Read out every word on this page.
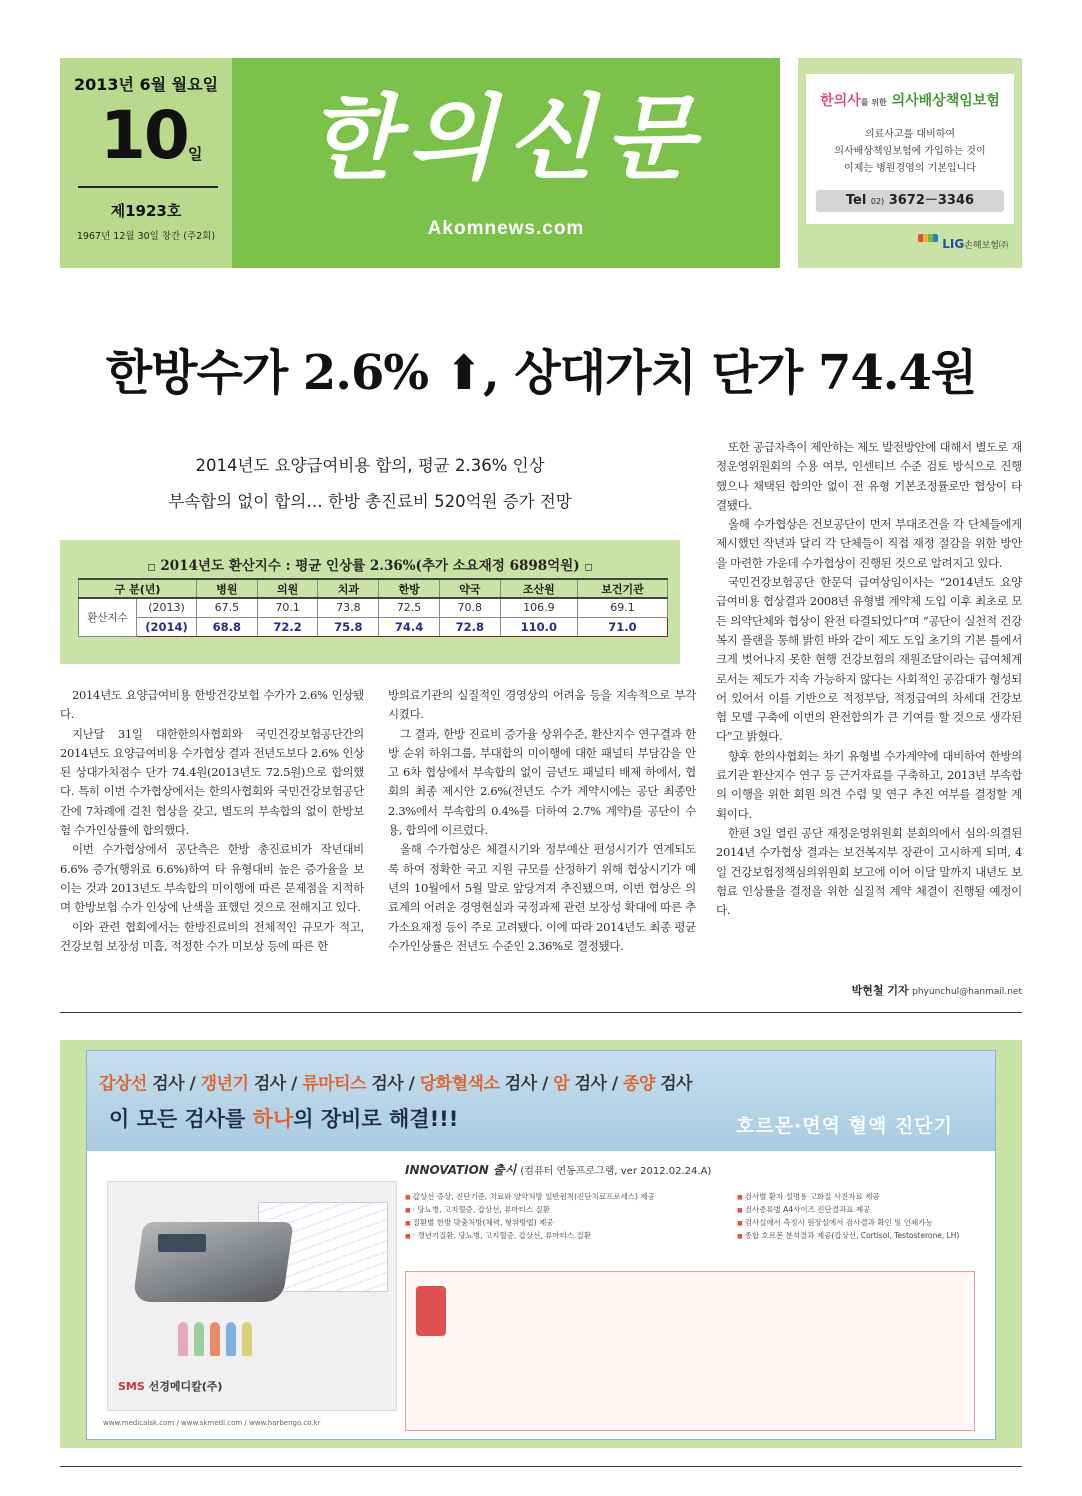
2013년 6월 월요일
10 일
제1923호
1967년 12월 30일 창간 (주2회)
한의신문
Akomnews.com
한의사를 위한 의사배상책임보험
의료사고를 대비하여
의사배상책임보험에 가입하는 것이
이제는 병원경영의 기본입니다
Tel 02) 3672－3346
LIG손해보험㈜
한방수가 2.6% ⬆, 상대가치 단가 74.4원
2014년도 요양급여비용 합의, 평균 2.36% 인상
부속합의 없이 합의… 한방 총진료비 520억원 증가 전망
◻ 2014년도 환산지수 : 평균 인상률 2.36%(추가 소요재정 6898억원) ◻
구 분(년)		병원	의원	치과	한방	약국	조산원	보건기관
환산지수	(2013)	67.5	70.1	73.8	72.5	70.8	106.9	69.1
	(2014)	68.8	72.2	75.8	74.4	72.8	110.0	71.0

2014년도 요양급여비용 한방건강보험 수가가 2.6% 인상됐다.

지난달 31일 대한한의사협회와 국민건강보험공단간의 2014년도 요양급여비용 수가협상 결과 전년도보다 2.6% 인상된 상대가치점수 단가 74.4원(2013년도 72.5원)으로 합의했다. 특히 이번 수가협상에서는 한의사협회와 국민건강보험공단간에 7차례에 걸친 협상을 갖고, 별도의 부속합의 없이 한방보험 수가인상률에 합의했다.

이번 수가협상에서 공단측은 한방 총진료비가 작년대비 6.6% 증가(행위료 6.6%)하여 타 유형대비 높은 증가율을 보이는 것과 2013년도 부속합의 미이행에 따른 문제점을 지적하며 한방보험 수가 인상에 난색을 표했던 것으로 전해지고 있다.

이와 관련 협회에서는 한방진료비의 전체적인 규모가 적고, 건강보험 보장성 미흡, 적정한 수가 미보상 등에 따른 한

방의료기관의 실질적인 경영상의 어려움 등을 지속적으로 부각시켰다.

그 결과, 한방 진료비 증가율 상위수준, 환산지수 연구결과 한방 순위 하위그룹, 부대합의 미이행에 대한 패널티 부담감을 안고 6차 협상에서 부속합의 없이 금년도 패널티 배제 하에서, 협회의 최종 제시안 2.6%(전년도 수가 계약시에는 공단 최종안 2.3%에서 부속합의 0.4%를 더하여 2.7% 계약)를 공단이 수용, 합의에 이르렀다.

올해 수가협상은 체결시기와 정부예산 편성시기가 연계되도록 하여 정확한 국고 지원 규모를 산정하기 위해 협상시기가 예년의 10월에서 5월 말로 앞당겨져 추진됐으며, 이번 협상은 의료계의 어려운 경영현실과 국정과제 관련 보장성 확대에 따른 추가소요재정 등이 주로 고려됐다. 이에 따라 2014년도 최종 평균 수가인상률은 전년도 수준인 2.36%로 결정됐다.

또한 공급자측이 제안하는 제도 발전방안에 대해서 별도로 재정운영위원회의 수용 여부, 인센티브 수준 검토 방식으로 진행했으나 채택된 합의안 없이 전 유형 기본조정률로만 협상이 타결됐다.

올해 수가협상은 건보공단이 먼저 부대조건을 각 단체들에게 제시했던 작년과 달리 각 단체들이 직접 재정 절감을 위한 방안을 마련한 가운데 수가협상이 진행된 것으로 알려지고 있다.

국민건강보험공단 한문덕 급여상임이사는 “2014년도 요양급여비용 협상결과 2008년 유형별 계약제 도입 이후 최초로 모든 의약단체와 협상이 완전 타결되었다”며 “공단이 실천적 건강복지 플랜을 통해 밝힌 바와 같이 제도 도입 초기의 기본 틀에서 크게 벗어나지 못한 현행 건강보험의 재원조달이라는 급여체계로서는 제도가 지속 가능하지 않다는 사회적인 공감대가 형성되어 있어서 이를 기반으로 적정부담, 적정급여의 차세대 건강보험 모델 구축에 이번의 완전합의가 큰 기여를 할 것으로 생각된다”고 밝혔다.

향후 한의사협회는 차기 유형별 수가계약에 대비하여 한방의료기관 환산지수 연구 등 근거자료를 구축하고, 2013년 부속합의 이행을 위한 회원 의견 수렴 및 연구 추진 여부를 결정할 계획이다.

한편 3일 열린 공단 재정운영위원회 분회의에서 심의·의결된 2014년 수가협상 결과는 보건복지부 장관이 고시하게 되며, 4일 건강보험정책심의위원회 보고에 이어 이달 말까지 내년도 보험료 인상률을 결정을 위한 실질적 계약 체결이 진행될 예정이다.

박현철 기자 phyunchul@hanmail.net
갑상선 검사 / 갱년기 검사 / 류마티스 검사 / 당화혈색소 검사 / 암 검사 / 종양 검사
이 모든 검사를 하나의 장비로 해결!!!	호르몬·면역 혈액 진단기
SMS 선경메디칼(주)
www.medicalsk.com / www.skmedi.com / www.harbengo.co.kr
INNOVATION 출시 (컴퓨터 연동프로그램, ver 2012.02.24.A)
■ 갑상선 증상, 진단기준, 치료와 양약처방 일반원칙(진단치료프로세스) 제공
■ · 당뇨병, 고지혈증, 갑상선, 류마티스 질환
■ 질환별 한방 맞춤처방(체력, 형위방법) 제공
■ · 갱년기질환, 당뇨병, 고지혈증, 갑상선, 류마티스 질환
■ 검사별 환자 설명용 고화질 사진자료 제공
■ 검사종류별 A4사이즈 진단결과표 제공
■ 검사실에서 측정시 원장실에서 검사결과 확인 및 인쇄가능
■ 종합 호르몬 분석결과 제공(갑상선, Cortisol, Testosterone, LH)
